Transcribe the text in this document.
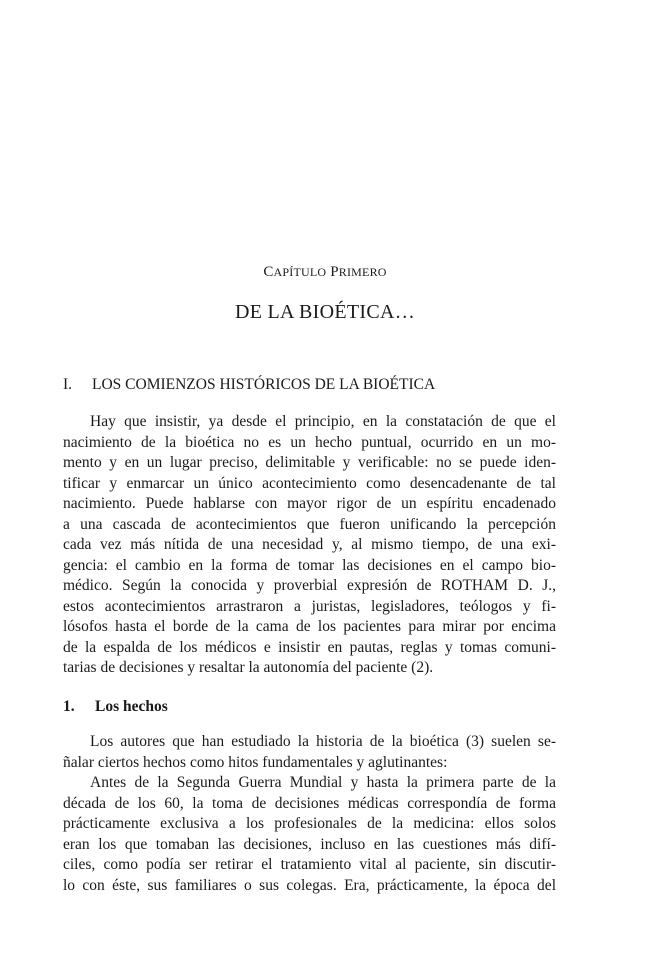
CAPÍTULO PRIMERO
DE LA BIOÉTICA…
I. LOS COMIENZOS HISTÓRICOS DE LA BIOÉTICA
Hay que insistir, ya desde el principio, en la constatación de que el
nacimiento de la bioética no es un hecho puntual, ocurrido en un mo-
mento y en un lugar preciso, delimitable y verificable: no se puede iden-
tificar y enmarcar un único acontecimiento como desencadenante de tal
nacimiento. Puede hablarse con mayor rigor de un espíritu encadenado
a una cascada de acontecimientos que fueron unificando la percepción
cada vez más nítida de una necesidad y, al mismo tiempo, de una exi-
gencia: el cambio en la forma de tomar las decisiones en el campo bio-
médico. Según la conocida y proverbial expresión de ROTHAM D. J.,
estos acontecimientos arrastraron a juristas, legisladores, teólogos y fi-
lósofos hasta el borde de la cama de los pacientes para mirar por encima
de la espalda de los médicos e insistir en pautas, reglas y tomas comuni-
tarias de decisiones y resaltar la autonomía del paciente (2).
1. Los hechos
Los autores que han estudiado la historia de la bioética (3) suelen se-
ñalar ciertos hechos como hitos fundamentales y aglutinantes:
Antes de la Segunda Guerra Mundial y hasta la primera parte de la
década de los 60, la toma de decisiones médicas correspondía de forma
prácticamente exclusiva a los profesionales de la medicina: ellos solos
eran los que tomaban las decisiones, incluso en las cuestiones más difí-
ciles, como podía ser retirar el tratamiento vital al paciente, sin discutir-
lo con éste, sus familiares o sus colegas. Era, prácticamente, la época del
